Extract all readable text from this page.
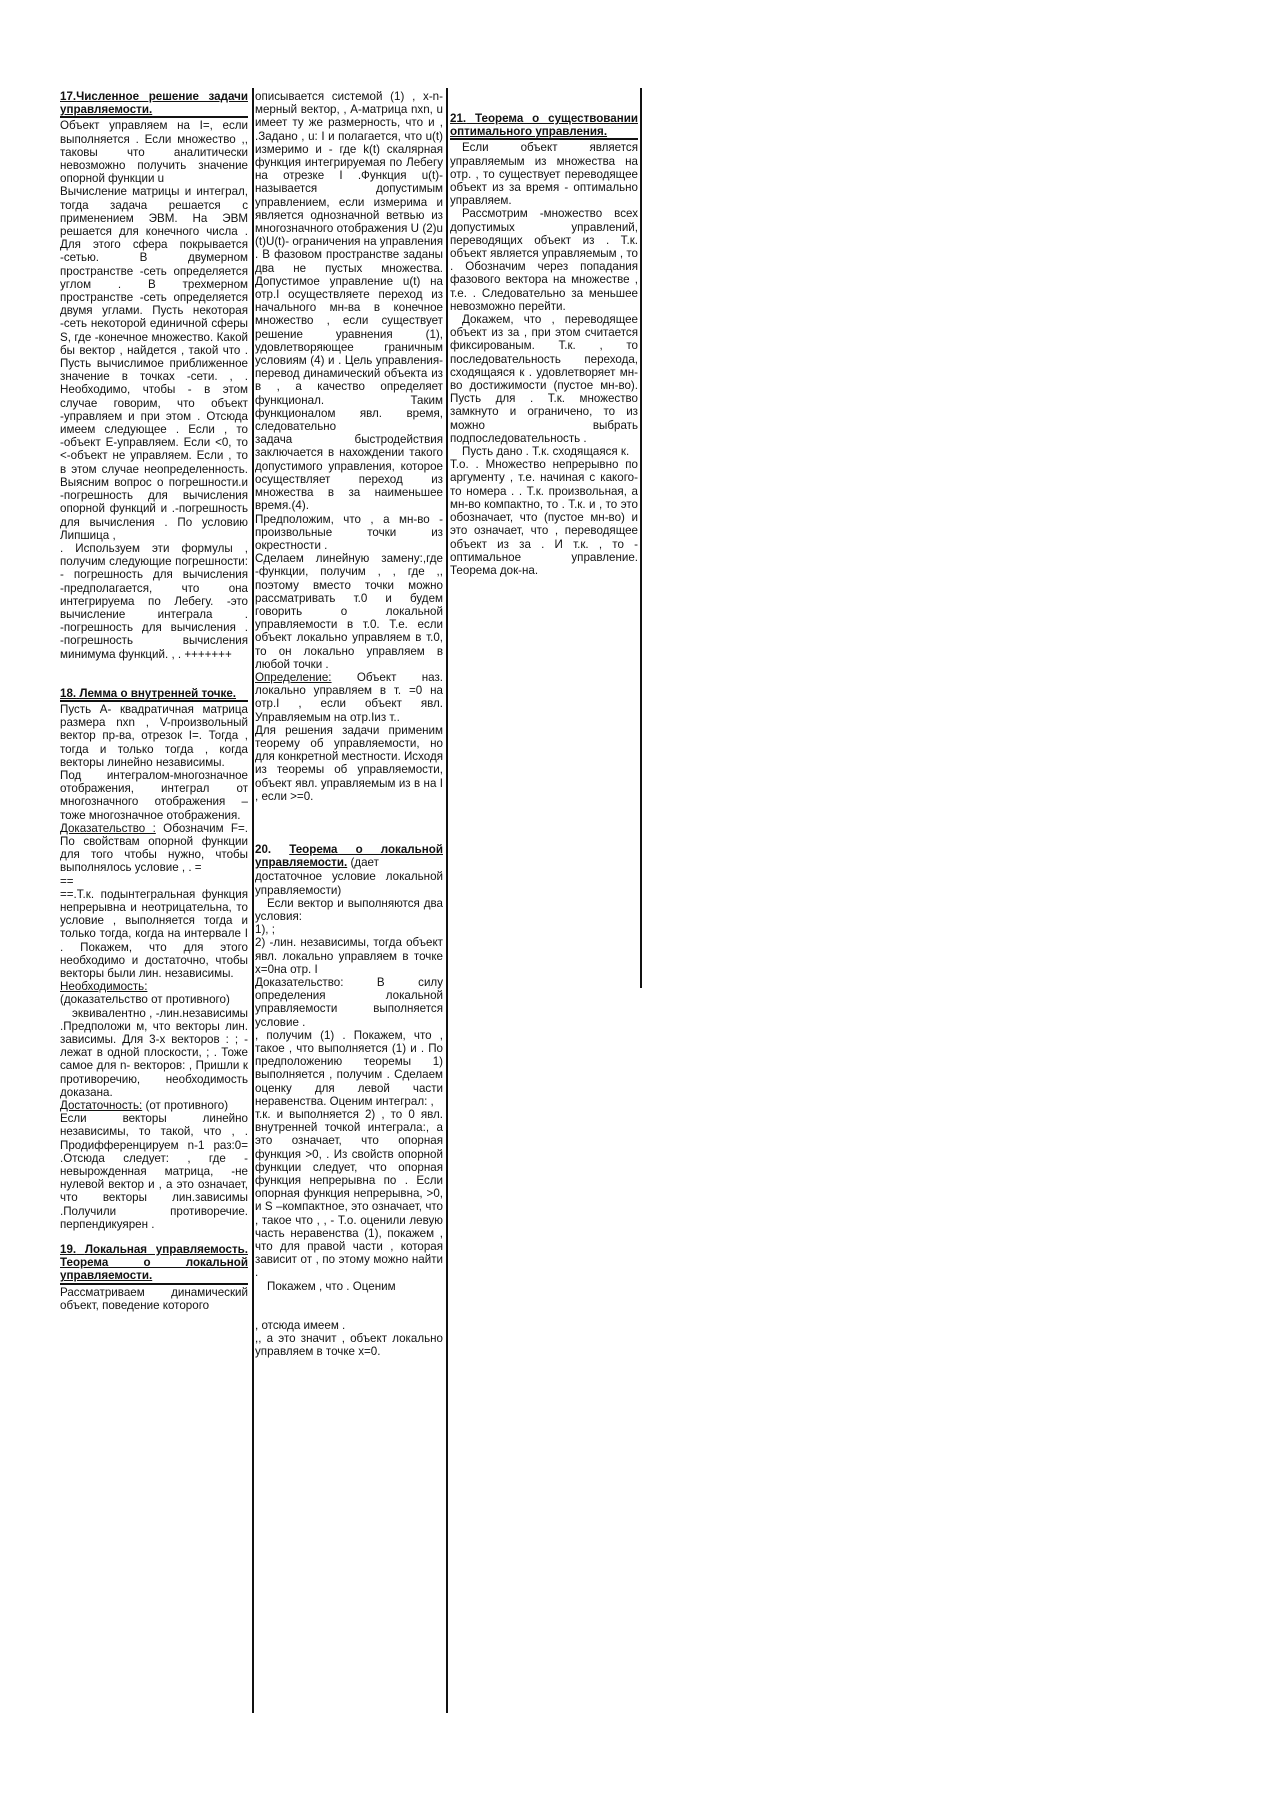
17.Численное решение задачи управляемости.

Объект управляем на I=, если выполняется . Если множество ,, таковы что аналитически невозможно получить значение опорной функции u

Вычисление матрицы и интеграл, тогда задача решается с применением ЭВМ. На ЭВМ решается для конечного числа . Для этого сфера покрывается -сетью. В двумерном пространстве -сеть определяется углом . В трехмерном пространстве -сеть определяется двумя углами. Пусть некоторая -сеть некоторой единичной сферы S, где -конечное множество. Какой бы вектор , найдется , такой что . Пусть вычислимое приближенное значение в точках -сети. , . Необходимо, чтобы - в этом случае говорим, что объект -управляем и при этом . Отсюда имеем следующее . Если , то -объект Е-управляем. Если <0, то <-объект не управляем. Если , то в этом случае неопределенность. Выясним вопрос о погрешности.и -погрешность для вычисления опорной функций и .-погрешность для вычисления . По условию Липшица ,

. Используем эти формулы , получим следующие погрешности: - погрешность для вычисления -предполагается, что она интегрируема по Лебегу. -это вычисление интеграла . -погрешность для вычисления . -погрешность вычисления минимума функций. , . +++++++

18. Лемма о внутренней точке.

Пусть А- квадратичная матрица размера nxn , V-произвольный вектор пр-ва, отрезок I=. Тогда , тогда и только тогда , когда векторы линейно независимы.

Под интегралом-многозначное отображения, интеграл от многозначного отображения – тоже многозначное отображения.

Доказательство : Обозначим F=. По свойствам опорной функции для того чтобы нужно, чтобы выполнялось условие , . =

==

==.Т.к. подынтегральная функция непрерывна и неотрицательна, то условие , выполняется тогда и только тогда, когда на интервале I . Покажем, что для этого необходимо и достаточно, чтобы векторы были лин. независимы.

Необходимость:

(доказательство от противного)

эквивалентно , -лин.независимы .Предположи м, что векторы лин. зависимы. Для 3-х векторов : ; - лежат в одной плоскости, ; . Тоже самое для n- векторов: , Пришли к противоречию, необходимость доказана.

Достаточность: (от противного)

Если векторы линейно независимы, то такой, что , . Продифференцируем n-1 раз:0= .Отсюда следует: , где - невырожденная матрица, -не нулевой вектор и , а это означает, что векторы лин.зависимы .Получили противоречие. перпендикуярен .

19. Локальная управляемость. Теорема о локальной управляемости.

Рассматриваем динамический объект, поведение которого

описывается системой (1) , x-n-мерный вектор, , A-матрица nxn, u имеет ту же размерность, что и , .Задано , u: I и полагается, что u(t) измеримо и - где k(t) скалярная функция интегрируемая по Лебегу на отрезке I .Функция u(t)- называется допустимым управлением, если измерима и является однозначной ветвью из многозначного отображения U (2)u (t)U(t)- ограничения на управления . В фазовом пространстве заданы два не пустых множества. Допустимое управление u(t) на отр.I осуществляете переход из начального мн-ва в конечное множество , если существует решение уравнения (1), удовлетворяющее граничным условиям (4) и . Цель управления- перевод динамический объекта из в , а качество определяет функционал. Таким функционалом явл. время, следовательно

задача быстродействия заключается в нахождении такого допустимого управления, которое осуществляет переход из множества в за наименьшее время.(4).

Предположим, что , а мн-во - произвольные точки из окрестности .

Сделаем линейную замену:,где -функции, получим , , где ,, поэтому вместо точки можно рассматривать т.0 и будем говорить о локальной управляемости в т.0. Т.е. если объект локально управляем в т.0, то он локально управляем в любой точки .

Определение: Объект наз. локально управляем в т. =0 на отр.I , если объект явл. Управляемым на отр.Iиз т..

Для решения задачи применим теорему об управляемости, но для конкретной местности. Исходя из теоремы об управляемости, объект явл. управляемым из в на I , если >=0.

20. Теорема о локальной управляемости. (дает

достаточное условие локальной управляемости)

Если вектор и выполняются два условия:

1), ;

2) -лин. независимы, тогда объект явл. локально управляем в точке x=0на отр. I

Доказательство: В силу определения локальной управляемости выполняется условие .

, получим (1) . Покажем, что , такое , что выполняется (1) и . По предположению теоремы 1) выполняется , получим . Сделаем оценку для левой части неравенства. Оценим интеграл: ,

т.к. и выполняется 2) , то 0 явл. внутренней точкой интеграла:, а это означает, что опорная функция >0, . Из свойств опорной функции следует, что опорная функция непрерывна по . Если опорная функция непрерывна, >0, и S –компактное, это означает, что , такое что , , - Т.о. оценили левую часть неравенства (1), покажем , что для правой части , которая зависит от , по этому можно найти .

Покажем , что . Оценим

, отсюда имеем .

,, а это значит , объект локально управляем в точке x=0.

21. Теорема о существовании оптимального управления.

Если объект является управляемым из множества на отр. , то существует переводящее объект из за время - оптимально управляем.

Рассмотрим -множество всех допустимых управлений, переводящих объект из . Т.к. объект является управляемым , то . Обозначим через попадания фазового вектора на множестве , т.е. . Следовательно за меньшее невозможно перейти.

Докажем, что , переводящее объект из за , при этом считается фиксированым. Т.к. , то последовательность перехода, сходящаяся к . удовлетворяет мн-во достижимости (пустое мн-во). Пусть для . Т.к. множество замкнуто и ограничено, то из можно выбрать подпоследовательность .

Пусть дано . Т.к. сходящаяся к.

Т.о. . Множество непрерывно по аргументу , т.е. начиная с какого-то номера . . Т.к. произвольная, а мн-во компактно, то . Т.к. и , то это обозначает, что (пустое мн-во) и это означает, что , переводящее объект из за . И т.к. , то - оптимальное управление. Теорема док-на.
